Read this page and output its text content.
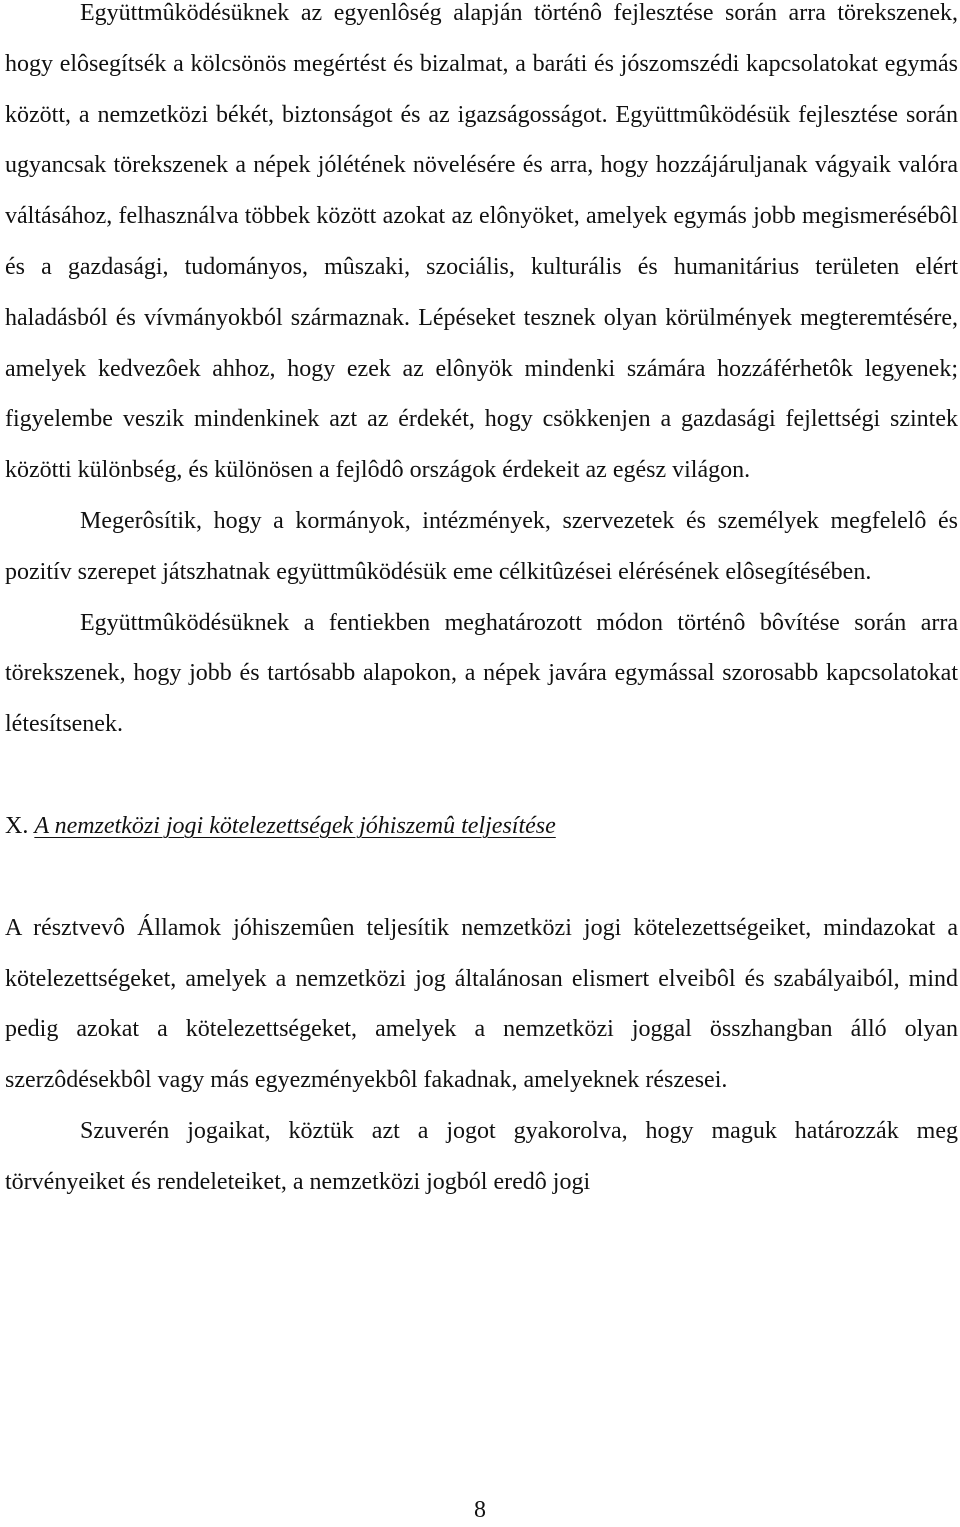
Együttmûködésüknek az egyenlôség alapján történô fejlesztése során arra törekszenek, hogy elôsegítsék a kölcsönös megértést és bizalmat, a baráti és jószomszédi kapcsolatokat egymás között, a nemzetközi békét, biztonságot és az igazságosságot. Együttmûködésük fejlesztése során ugyancsak törekszenek a népek jólétének növelésére és arra, hogy hozzájáruljanak vágyaik valóra váltásához, felhasználva többek között azokat az elônyöket, amelyek egymás jobb megismerésébôl és a gazdasági, tudományos, mûszaki, szociális, kulturális és humanitárius területen elért haladásból és vívmányokból származnak. Lépéseket tesznek olyan körülmények megteremtésére, amelyek kedvezôek ahhoz, hogy ezek az elônyök mindenki számára hozzáférhetôk legyenek; figyelembe veszik mindenkinek azt az érdekét, hogy csökkenjen a gazdasági fejlettségi szintek közötti különbség, és különösen a fejlôdô országok érdekeit az egész világon.

Megerôsítik, hogy a kormányok, intézmények, szervezetek és személyek megfelelô és pozitív szerepet játszhatnak együttmûködésük eme célkitûzései elérésének elôsegítésében.

Együttmûködésüknek a fentiekben meghatározott módon történô bôvítése során arra törekszenek, hogy jobb és tartósabb alapokon, a népek javára egymással szorosabb kapcsolatokat létesítsenek.

X. A nemzetközi jogi kötelezettségek jóhiszemû teljesítése

A résztvevô Államok jóhiszemûen teljesítik nemzetközi jogi kötelezettségeiket, mindazokat a kötelezettségeket, amelyek a nemzetközi jog általánosan elismert elveibôl és szabályaiból, mind pedig azokat a kötelezettségeket, amelyek a nemzetközi joggal összhangban álló olyan szerzôdésekbôl vagy más egyezményekbôl fakadnak, amelyeknek részesei.

Szuverén jogaikat, köztük azt a jogot gyakorolva, hogy maguk határozzák meg törvényeiket és rendeleteiket, a nemzetközi jogból eredô jogi

8
